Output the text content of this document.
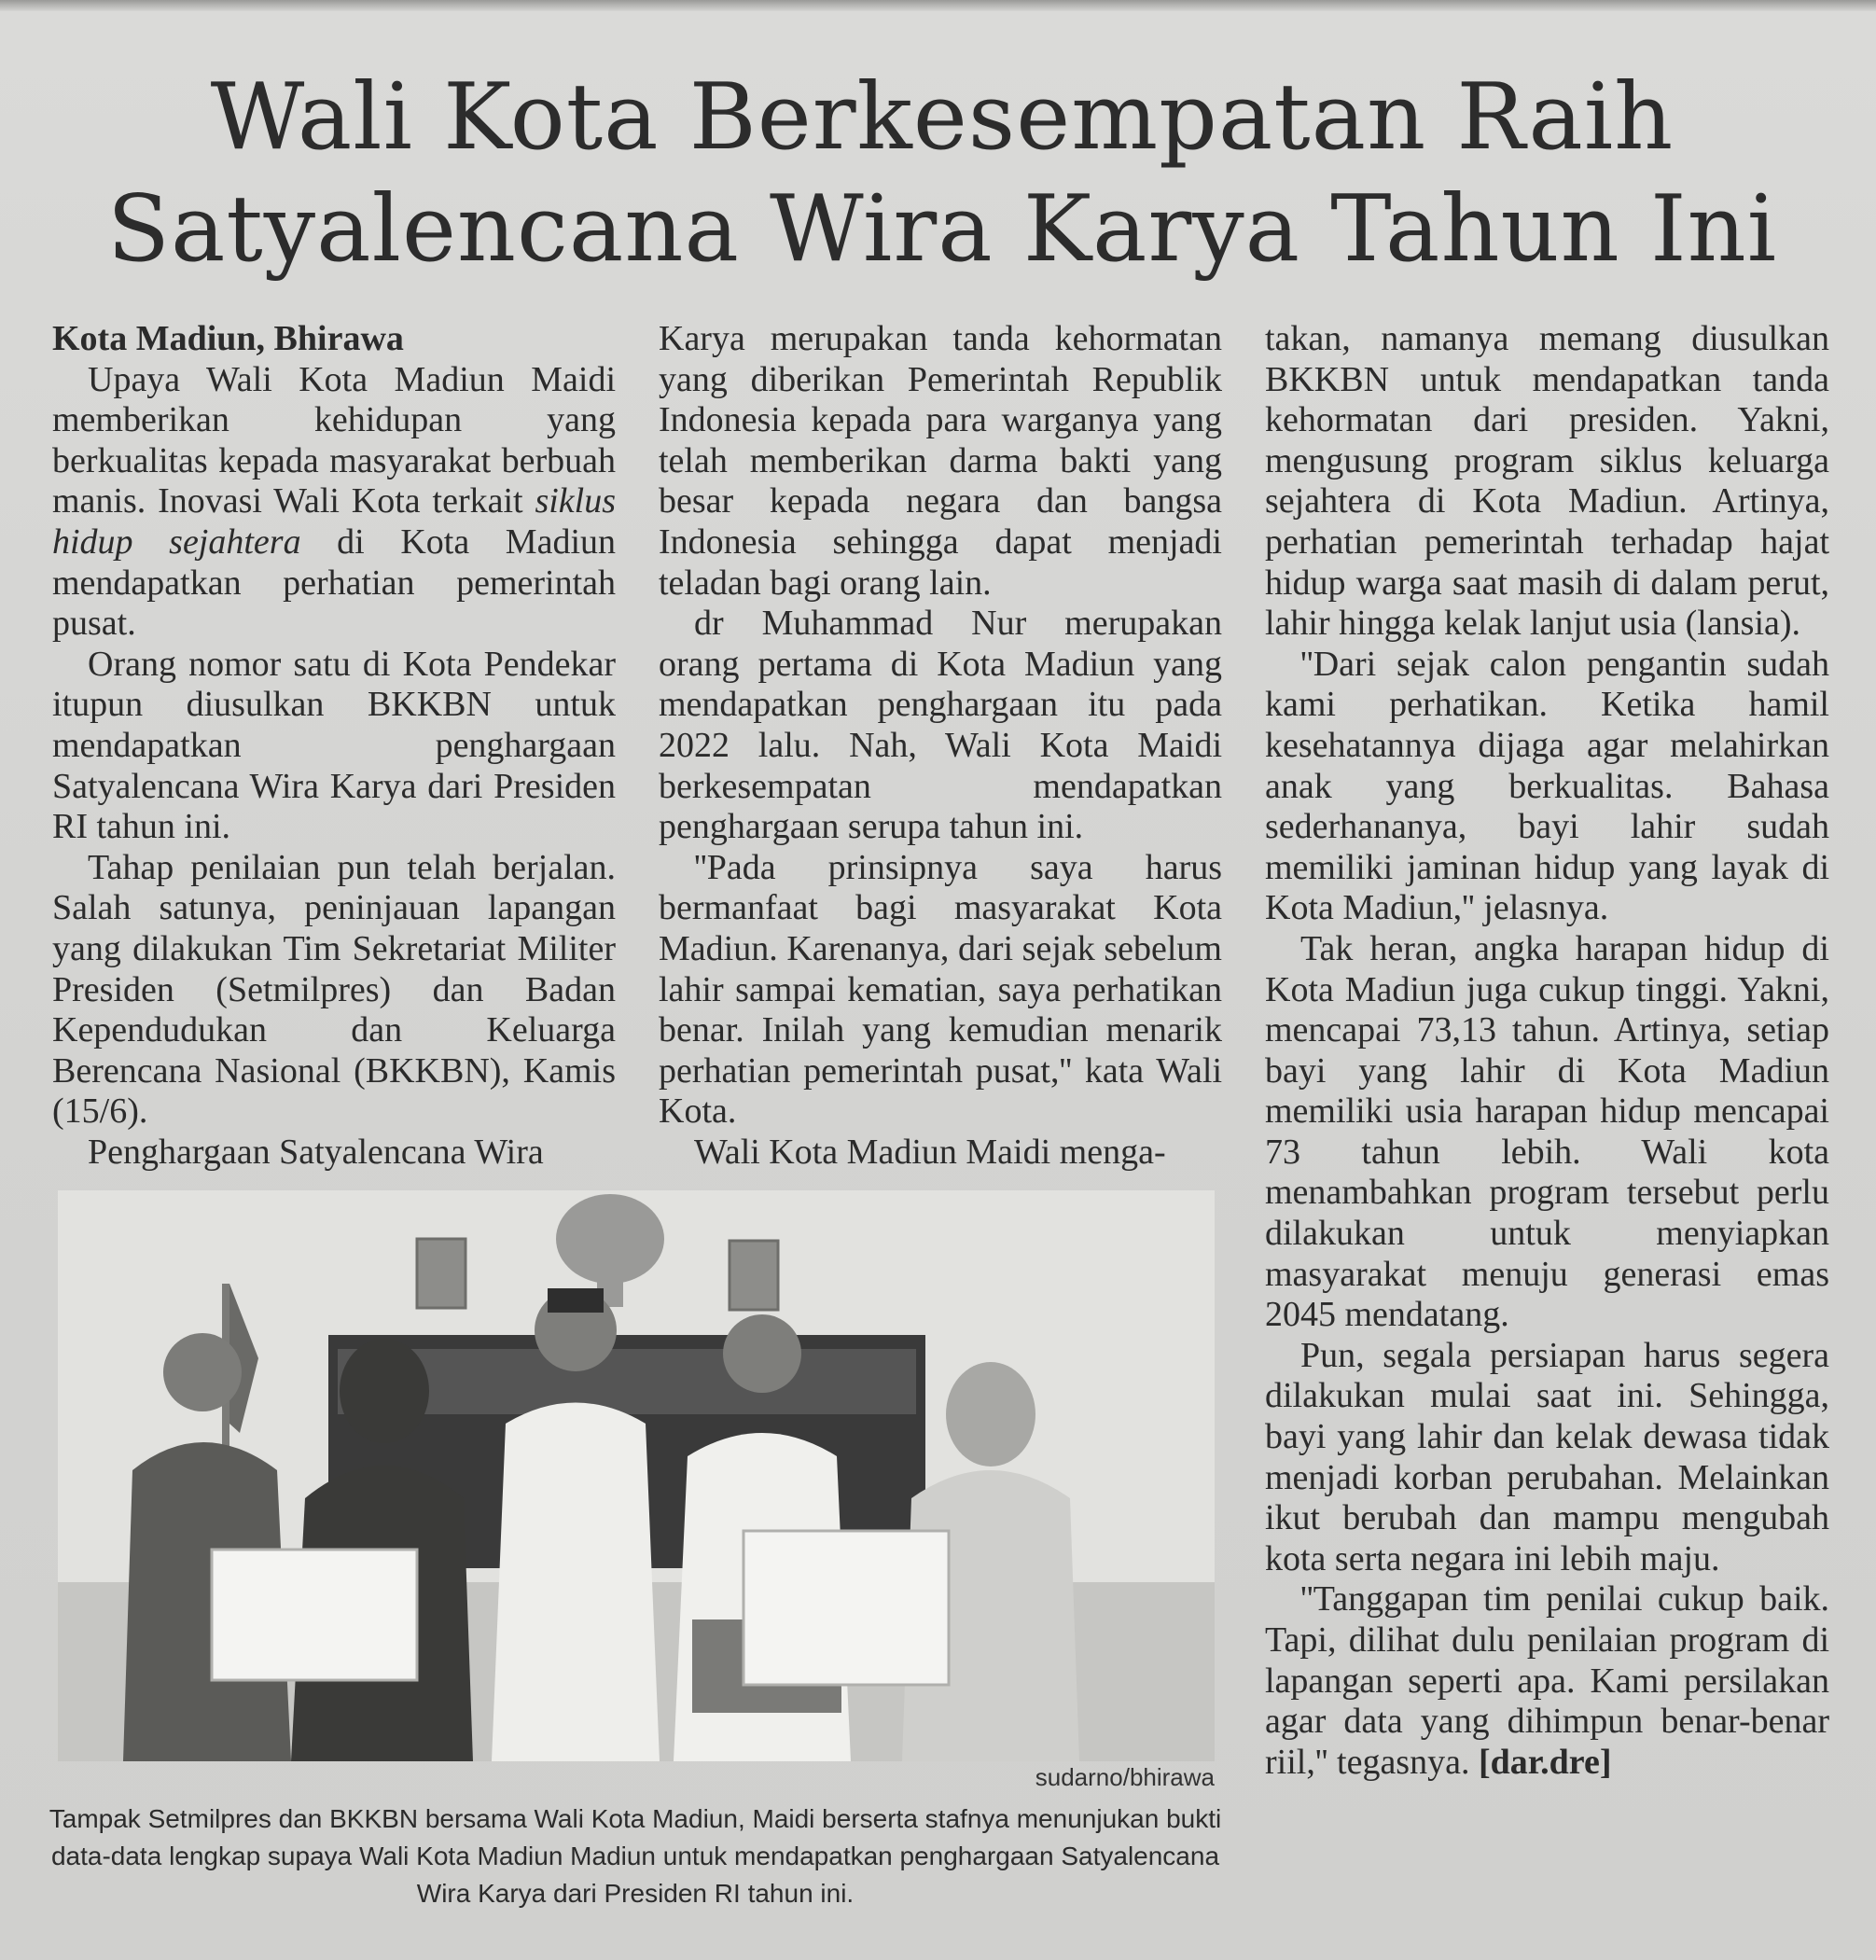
Wali Kota Berkesempatan Raih Satyalencana Wira Karya Tahun Ini

Kota Madiun, Bhirawa

Upaya Wali Kota Madiun Maidi memberikan kehidupan yang berkualitas kepada masyarakat berbuah manis. Inovasi Wali Kota terkait siklus hidup sejahtera di Kota Madiun mendapatkan perhatian pemerintah pusat.

Orang nomor satu di Kota Pendekar itupun diusulkan BKKBN untuk mendapatkan penghargaan Satyalencana Wira Karya dari Presiden RI tahun ini.

Tahap penilaian pun telah berjalan. Salah satunya, peninjauan lapangan yang dilakukan Tim Sekretariat Militer Presiden (Setmilpres) dan Badan Kependudukan dan Keluarga Berencana Nasional (BKKBN), Kamis (15/6).

Penghargaan Satyalencana Wira

Karya merupakan tanda kehormatan yang diberikan Pemerintah Republik Indonesia kepada para warganya yang telah memberikan darma bakti yang besar kepada negara dan bangsa Indonesia sehingga dapat menjadi teladan bagi orang lain.

dr Muhammad Nur merupakan orang pertama di Kota Madiun yang mendapatkan penghargaan itu pada 2022 lalu. Nah, Wali Kota Maidi berkesempatan mendapatkan penghargaan serupa tahun ini.

''Pada prinsipnya saya harus bermanfaat bagi masyarakat Kota Madiun. Karenanya, dari sejak sebelum lahir sampai kematian, saya perhatikan benar. Inilah yang kemudian menarik perhatian pemerintah pusat,'' kata Wali Kota.

Wali Kota Madiun Maidi menga-

takan, namanya memang diusulkan BKKBN untuk mendapatkan tanda kehormatan dari presiden. Yakni, mengusung program siklus keluarga sejahtera di Kota Madiun. Artinya, perhatian pemerintah terhadap hajat hidup warga saat masih di dalam perut, lahir hingga kelak lanjut usia (lansia).

''Dari sejak calon pengantin sudah kami perhatikan. Ketika hamil kesehatannya dijaga agar melahirkan anak yang berkualitas. Bahasa sederhananya, bayi lahir sudah memiliki jaminan hidup yang layak di Kota Madiun,'' jelasnya.

Tak heran, angka harapan hidup di Kota Madiun juga cukup tinggi. Yakni, mencapai 73,13 tahun. Artinya, setiap bayi yang lahir di Kota Madiun memiliki usia harapan hidup mencapai 73 tahun lebih. Wali kota menambahkan program tersebut perlu dilakukan untuk menyiapkan masyarakat menuju generasi emas 2045 mendatang.

Pun, segala persiapan harus segera dilakukan mulai saat ini. Sehingga, bayi yang lahir dan kelak dewasa tidak menjadi korban perubahan. Melainkan ikut berubah dan mampu mengubah kota serta negara ini lebih maju.

''Tanggapan tim penilai cukup baik. Tapi, dilihat dulu penilaian program di lapangan seperti apa. Kami persilakan agar data yang dihimpun benar-benar riil,'' tegasnya. [dar.dre]

sudarno/bhirawa

Tampak Setmilpres dan BKKBN bersama Wali Kota Madiun, Maidi berserta stafnya menunjukan bukti data-data lengkap supaya Wali Kota Madiun Madiun untuk mendapatkan penghargaan Satyalencana Wira Karya dari Presiden RI tahun ini.
